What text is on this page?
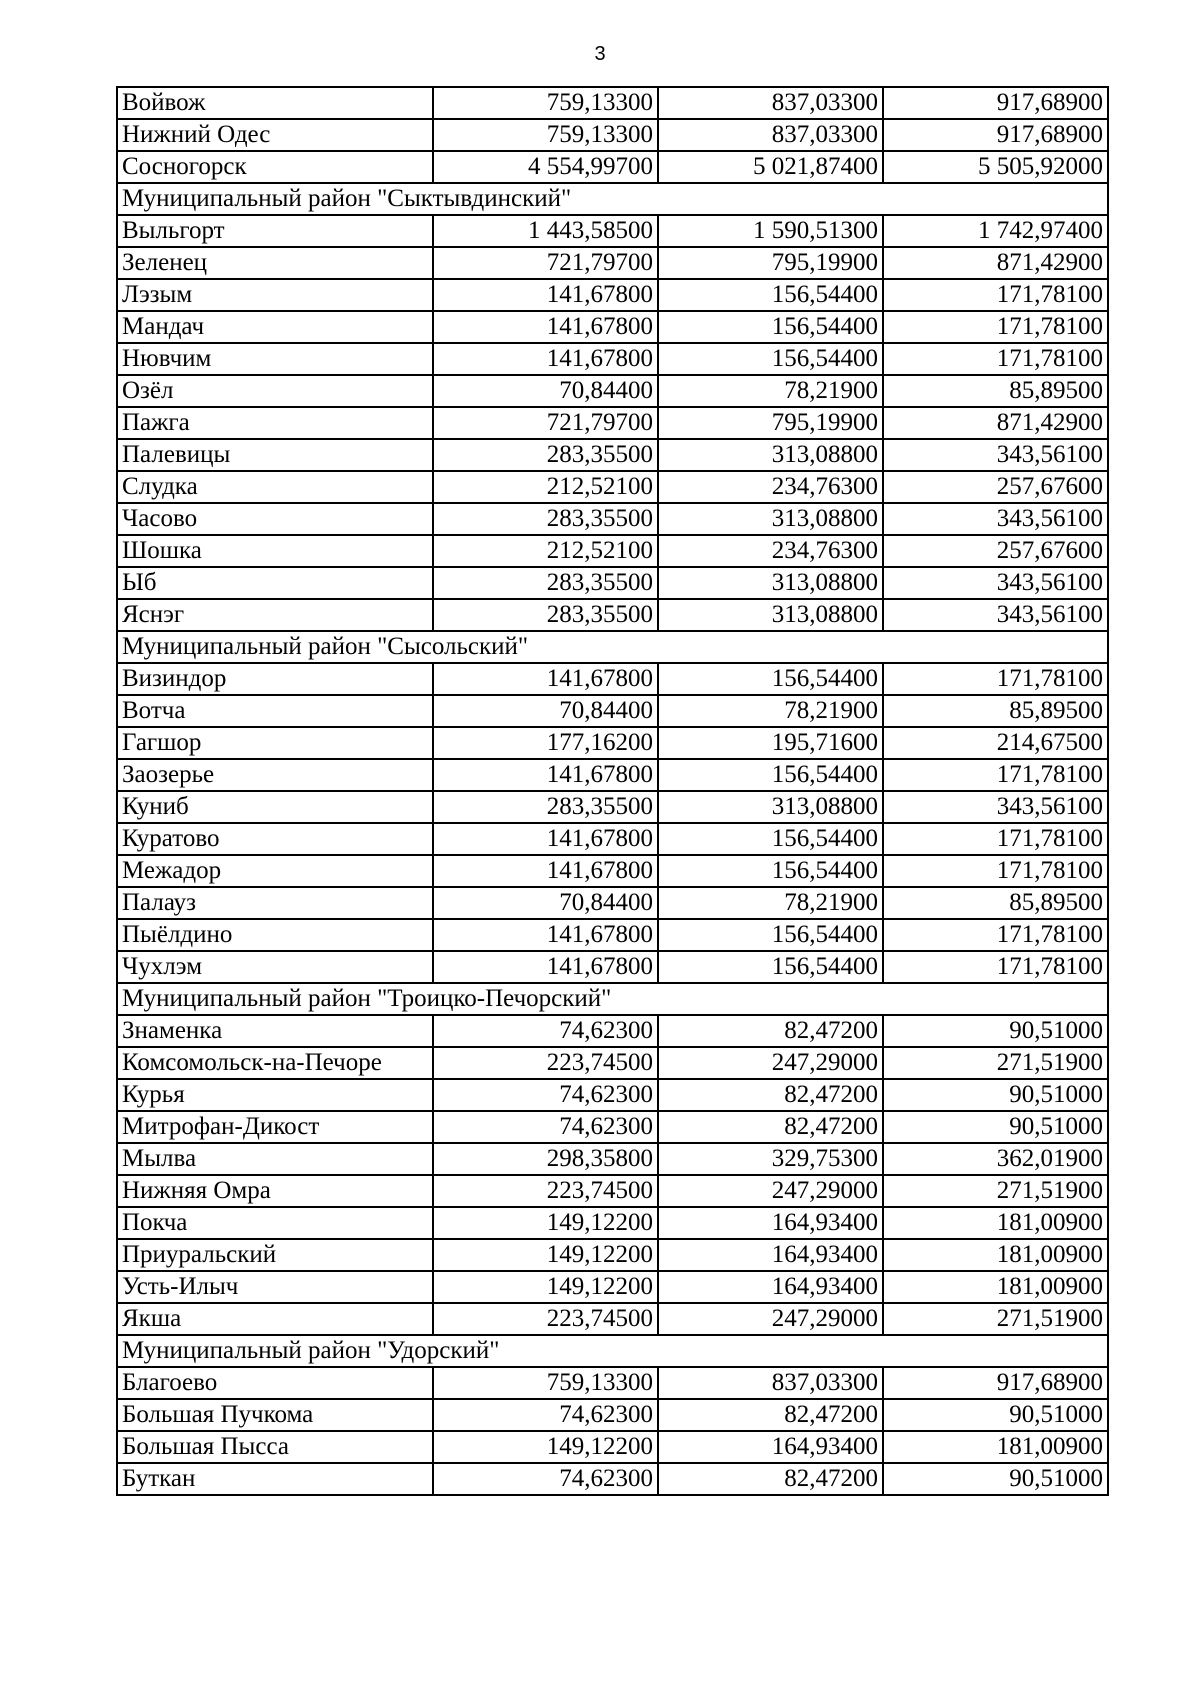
3
Войвож	759,13300	837,03300	917,68900
Нижний Одес	759,13300	837,03300	917,68900
Сосногорск	4 554,99700	5 021,87400	5 505,92000
Муниципальный район "Сыктывдинский"			
Выльгорт	1 443,58500	1 590,51300	1 742,97400
Зеленец	721,79700	795,19900	871,42900
Лэзым	141,67800	156,54400	171,78100
Мандач	141,67800	156,54400	171,78100
Нювчим	141,67800	156,54400	171,78100
Озёл	70,84400	78,21900	85,89500
Пажга	721,79700	795,19900	871,42900
Палевицы	283,35500	313,08800	343,56100
Слудка	212,52100	234,76300	257,67600
Часово	283,35500	313,08800	343,56100
Шошка	212,52100	234,76300	257,67600
Ыб	283,35500	313,08800	343,56100
Яснэг	283,35500	313,08800	343,56100
Муниципальный район "Сысольский"			
Визиндор	141,67800	156,54400	171,78100
Вотча	70,84400	78,21900	85,89500
Гагшор	177,16200	195,71600	214,67500
Заозерье	141,67800	156,54400	171,78100
Куниб	283,35500	313,08800	343,56100
Куратово	141,67800	156,54400	171,78100
Межадор	141,67800	156,54400	171,78100
Палауз	70,84400	78,21900	85,89500
Пыёлдино	141,67800	156,54400	171,78100
Чухлэм	141,67800	156,54400	171,78100
Муниципальный район "Троицко-Печорский"			
Знаменка	74,62300	82,47200	90,51000
Комсомольск-на-Печоре	223,74500	247,29000	271,51900
Курья	74,62300	82,47200	90,51000
Митрофан-Дикост	74,62300	82,47200	90,51000
Мылва	298,35800	329,75300	362,01900
Нижняя Омра	223,74500	247,29000	271,51900
Покча	149,12200	164,93400	181,00900
Приуральский	149,12200	164,93400	181,00900
Усть-Илыч	149,12200	164,93400	181,00900
Якша	223,74500	247,29000	271,51900
Муниципальный район "Удорский"			
Благоево	759,13300	837,03300	917,68900
Большая Пучкома	74,62300	82,47200	90,51000
Большая Пысса	149,12200	164,93400	181,00900
Буткан	74,62300	82,47200	90,51000
